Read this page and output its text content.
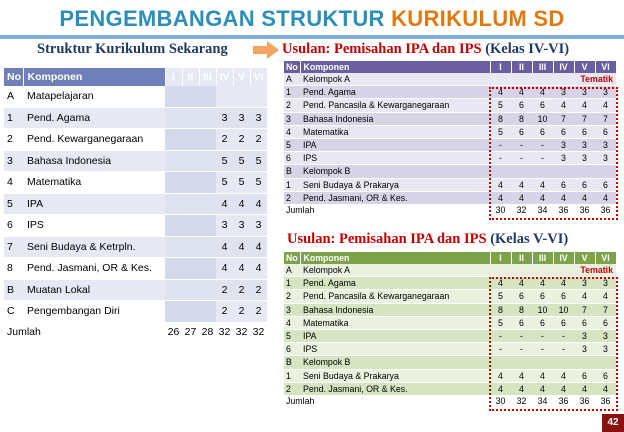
PENGEMBANGAN STRUKTUR KURIKULUM SD
Struktur Kurikulum Sekarang	Usulan: Pemisahan IPA dan IPS (Kelas IV-VI)
Usulan: Pemisahan IPA dan IPS (Kelas V-VI)
No	Komponen	I	II	III	IV	V	VI
A	Matapelajaran						
1	Pend. Agama				3	3	3
2	Pend. Kewarganegaraan				2	2	2
3	Bahasa Indonesia				5	5	5
4	Matematika				5	5	5
5	IPA				4	4	4
6	IPS				3	3	3
7	Seni Budaya & Ketrpln.				4	4	4
8	Pend. Jasmani, OR & Kes.				4	4	4
B	Muatan Lokal				2	2	2
C	Pengembangan Diri				2	2	2
Jumlah		26	27	28	32	32	32
No	Komponen	I	II	III	IV	V	VI
A	Kelompok A	Tematik					
1	Pend. Agama	4	4	4	3	3	3
2	Pend. Pancasila & Kewarganegaraan	5	6	6	4	4	4
3	Bahasa Indonesia	8	8	10	7	7	7
4	Matematika	5	6	6	6	6	6
5	IPA	-	-	-	3	3	3
6	IPS	-	-	-	3	3	3
B	Kelompok B						
1	Seni Budaya & Prakarya	4	4	4	6	6	6
2	Pend. Jasmani, OR & Kes.	4	4	4	4	4	4
Jumlah		30	32	34	36	36	36
No	Komponen	I	II	III	IV	V	VI
A	Kelompok A	Tematik					
1	Pend. Agama	4	4	4	4	3	3
2	Pend. Pancasila & Kewarganegaraan	5	6	6	6	4	4
3	Bahasa Indonesia	8	8	10	10	7	7
4	Matematika	5	6	6	6	6	6
5	IPA	-	-	-	-	3	3
6	IPS	-	-	-	-	3	3
B	Kelompok B						
1	Seni Budaya & Prakarya	4	4	4	4	6	6
2	Pend. Jasmani, OR & Kes.	4	4	4	4	4	4
Jumlah		30	32	34	36	36	36
42
